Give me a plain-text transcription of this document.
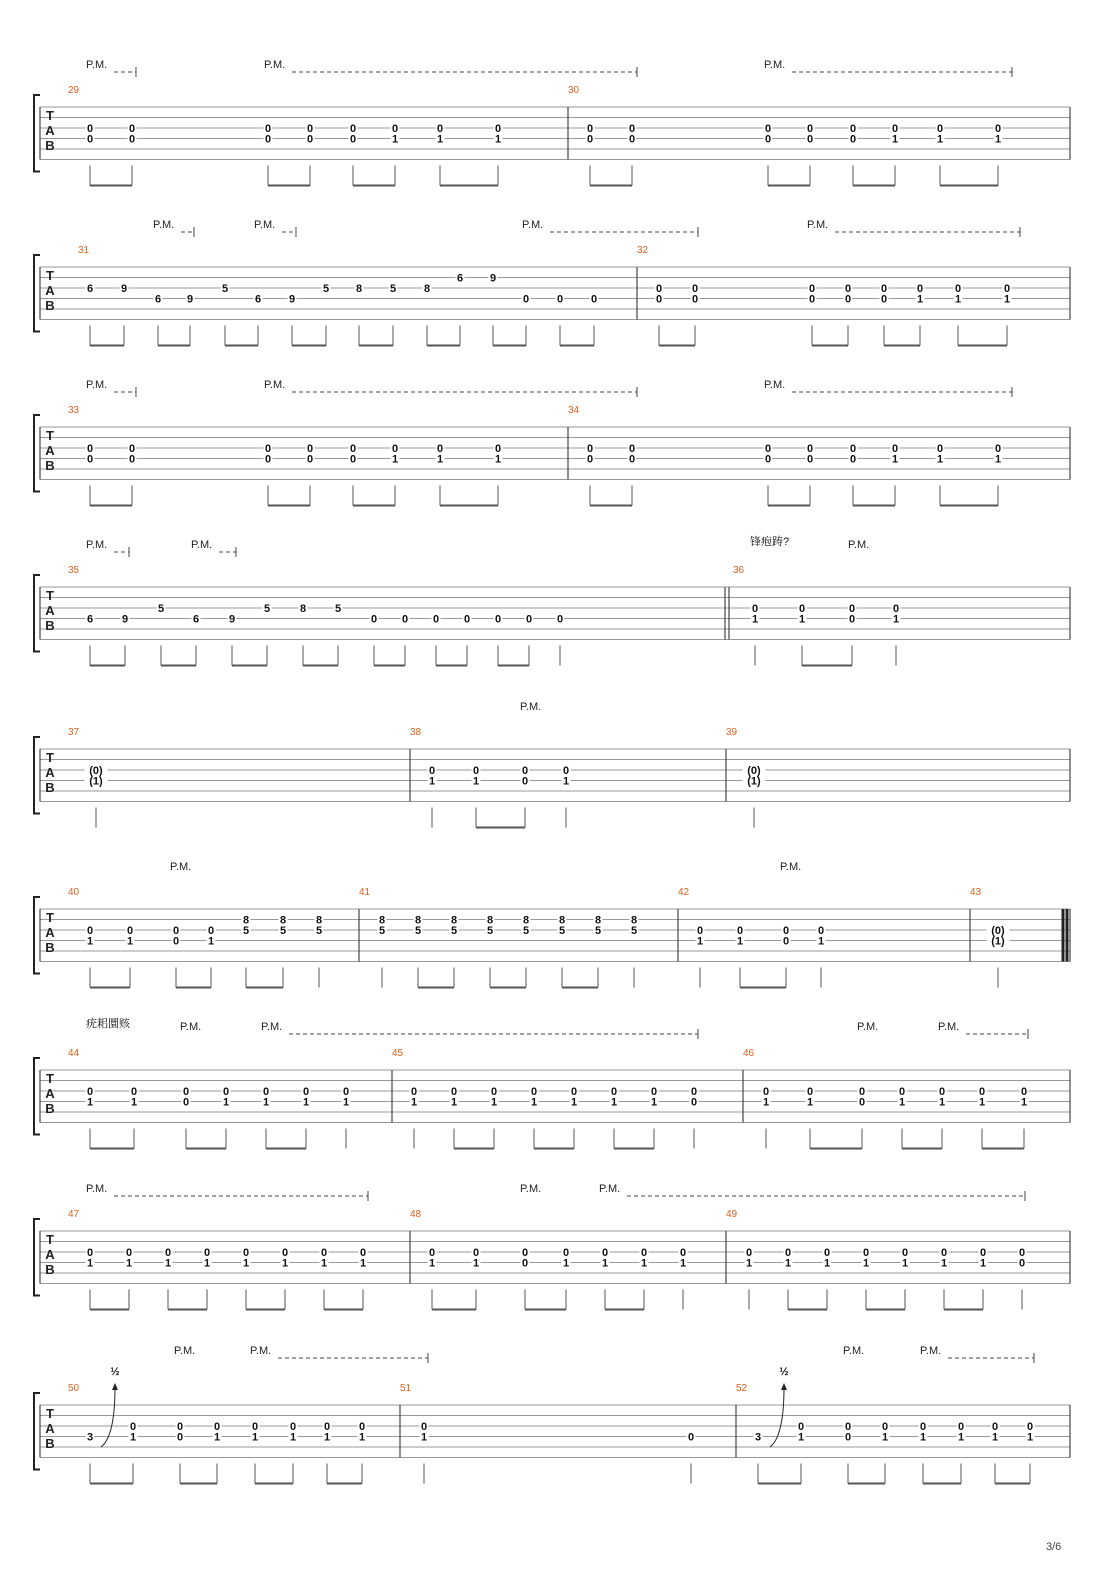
T
A
B
29	30
P.M.	P.M.	P.M.
0
0
0
0
0
0
0
0
0
0
0
1
0
1
0
1
0
0
0
0
0
0
0
0
0
0
0
1
0
1
0
1
T
A
B
31	32
P.M.	P.M.	P.M.	P.M.
6	9
6 9
5
6	9
5 8	5	8
6 9
0	0	0
0
0
0
0
0
0
0
0
0
0
0
1
0
1
0
1
T
A
B
33	34
P.M.	P.M.	P.M.
0
0
0
0
0
0
0
0
0
0
0
1
0
1
0
1
0
0
0
0
0
0
0
0
0
0
0
1
0
1
0
1
T
A
B
35	36
P.M.	P.M.	P.M.
锋疱踌?
6	9
5
6	9
5	8	5
0 0 0 0 0 0 0
0
1
0
1
0
0
0
1
T
A
B
37	38	39
P.M.
(0)
(1)
0
1
0
1
0
0
0
1
(0)
(1)
T
A
B
40	41	42	43
P.M.	P.M.
0
1
0
1
0
0
0
1
8
5
8
5
8
5
8
5
8
5
8
5
8
5
8
5
8
5
8
5
8
5	0
1
0
1
0
0
0
1
(0)
(1)
T
A
B
44	45	46
P.M.	P.M.	P.M.	P.M.
疣耜圜赅
0
1
0
1
0
0
0
1
0
1
0
1
0
1
0
1
0
1
0
1
0
1
0
1
0
1
0
1
0
0
0
1
0
1
0
0
0
1
0
1
0
1
0
1
T
A
B
47	48	49
P.M.	P.M.	P.M.
0
1
0
1
0
1
0
1
0
1
0
1
0
1
0
1
0
1
0
1
0
0
0
1
0
1
0
1
0
1
0
1
0
1
0
1
0
1
0
1
0
1
0
1
0
0
T
A
B
50	51	52
P.M.	P.M.	P.M.	P.M.
½	½
3
0
1
0
0
0
1
0
1
0
1
0
1
0
1
0
1	0	3
0
1
0
0
0
1
0
1
0
1
0
1
0
1
3/6
